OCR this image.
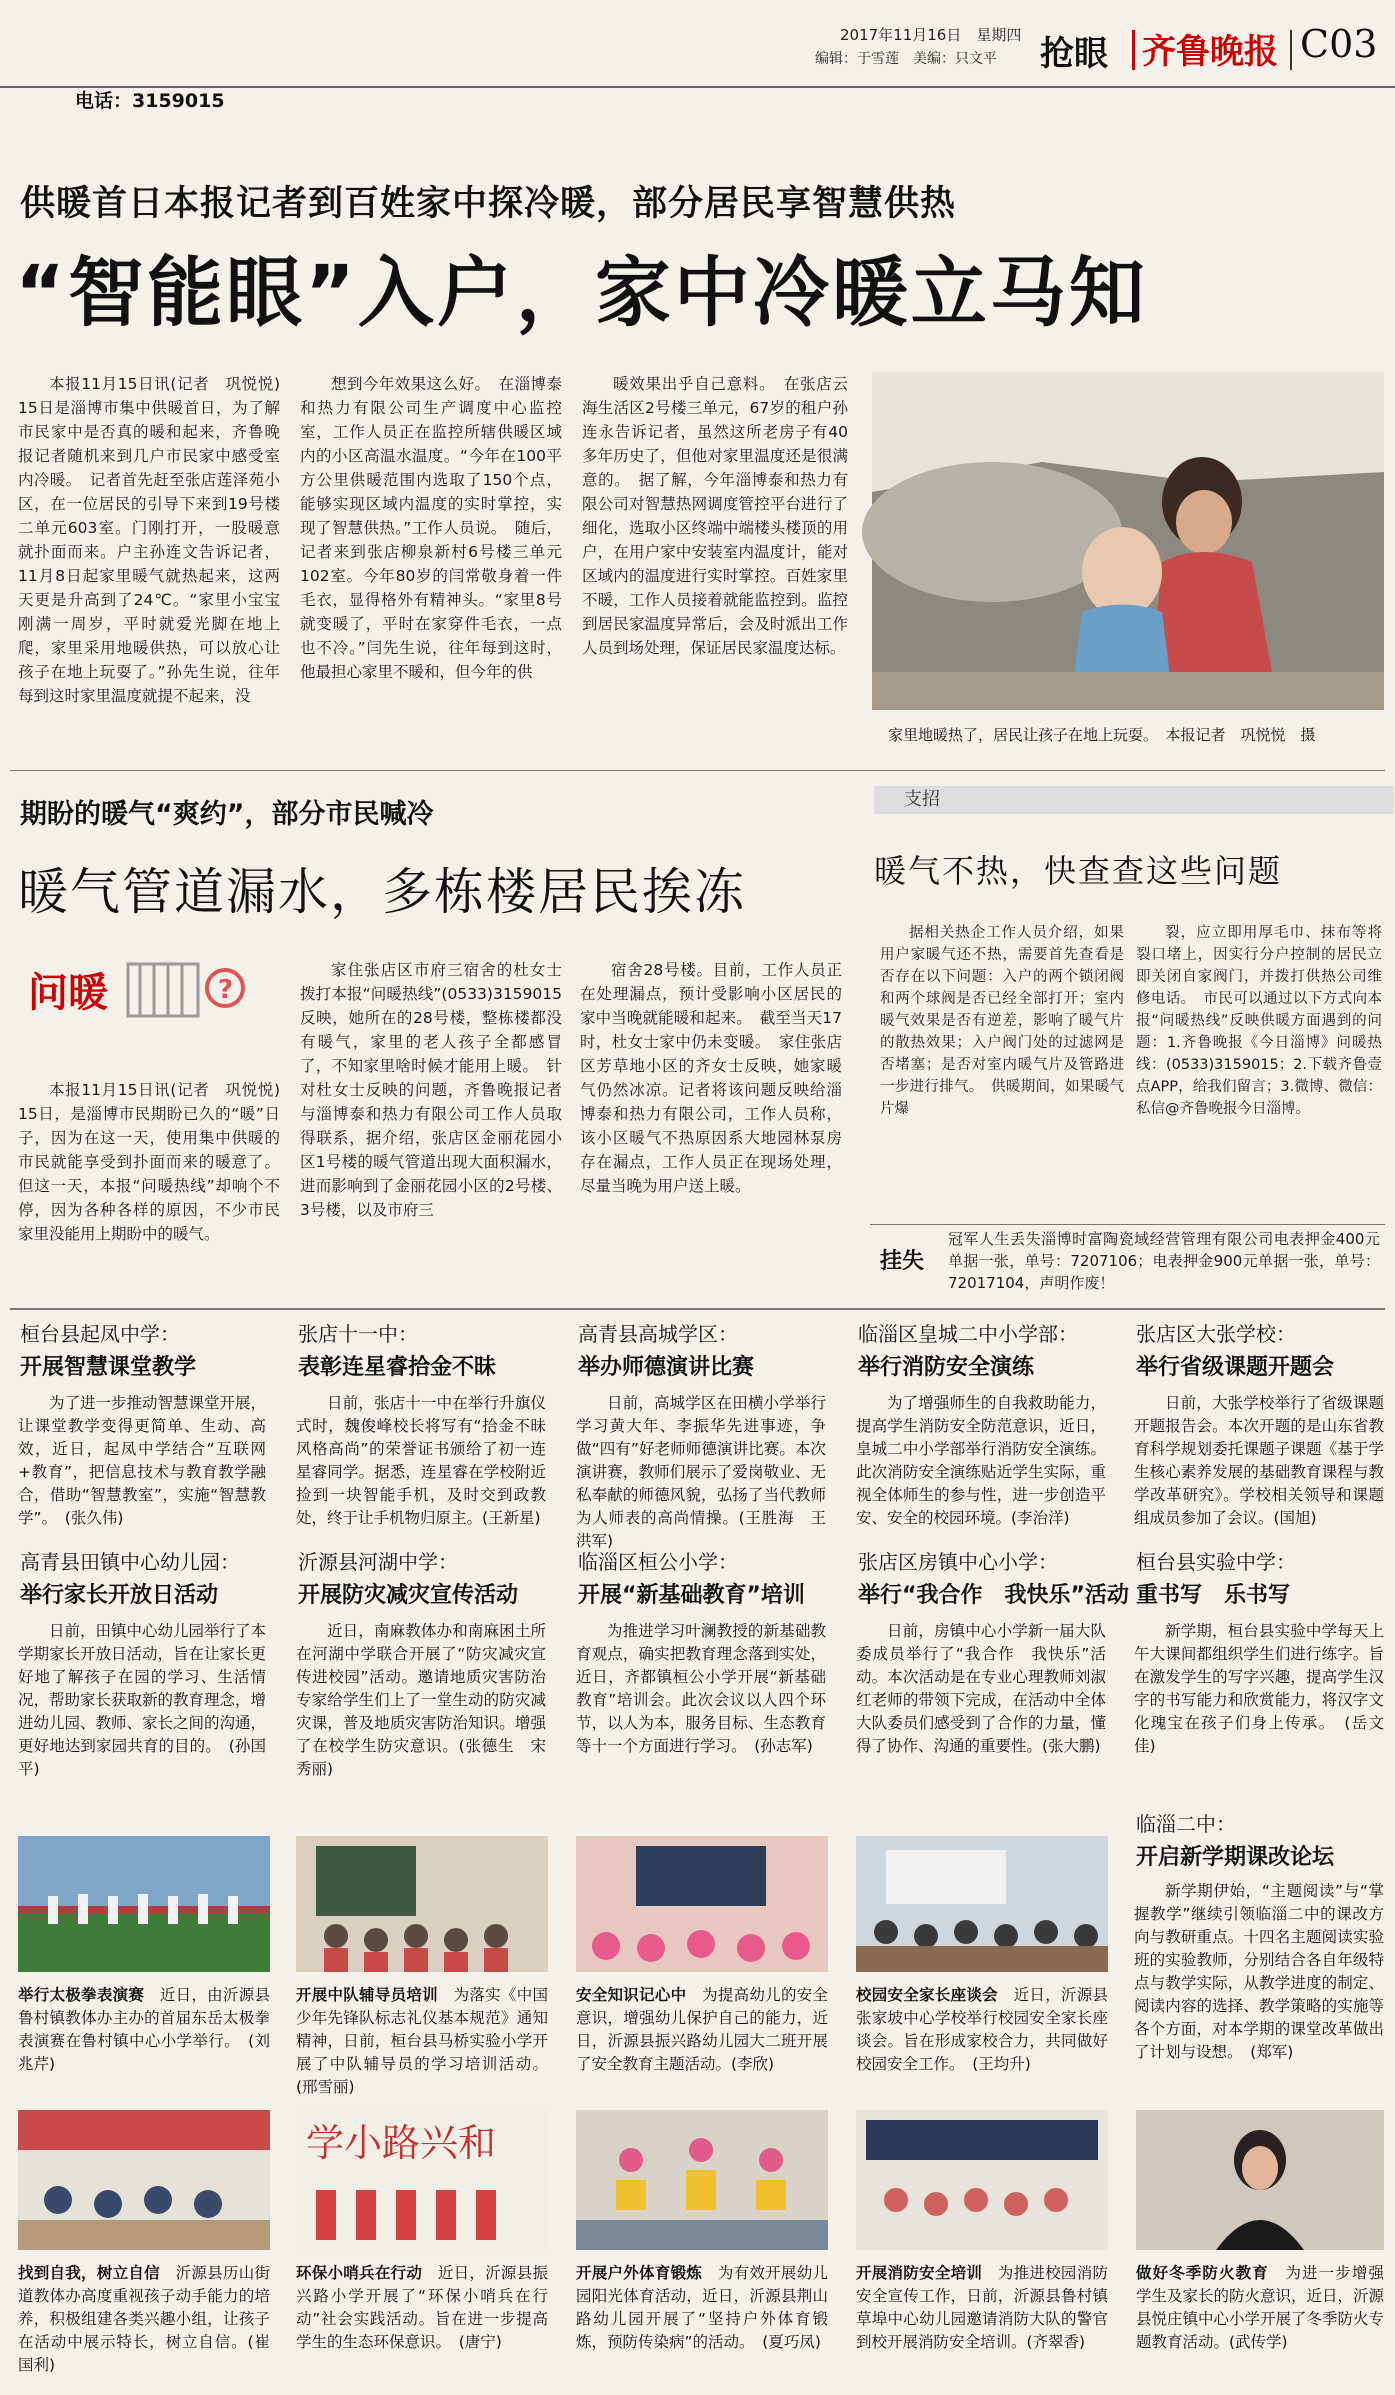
2017年11月16日　星期四
编辑：于雪莲　美编：只文平 抢眼 齐鲁晚报 C03
供暖首日本报记者到百姓家中探冷暖，部分居民享智慧供热
“智能眼”入户，家中冷暖立马知

本报11月15日讯(记者　巩悦悦)　15日是淄博市集中供暖首日，为了解市民家中是否真的暖和起来，齐鲁晚报记者随机来到几户市民家中感受室内冷暖。　记者首先赶至张店莲泽苑小区，在一位居民的引导下来到19号楼二单元603室。门刚打开，一股暖意就扑面而来。户主孙连文告诉记者，11月8日起家里暖气就热起来，这两天更是升高到了24℃。“家里小宝宝刚满一周岁，平时就爱光脚在地上爬，家里采用地暖供热，可以放心让孩子在地上玩耍了。”孙先生说，往年每到这时家里温度就提不起来，没

想到今年效果这么好。　在淄博泰和热力有限公司生产调度中心监控室，工作人员正在监控所辖供暖区域内的小区高温水温度。“今年在100平方公里供暖范围内选取了150个点，能够实现区域内温度的实时掌控，实现了智慧供热。”工作人员说。　随后，记者来到张店柳泉新村6号楼三单元102室。今年80岁的闫常敬身着一件毛衣，显得格外有精神头。“家里8号就变暖了，平时在家穿件毛衣，一点也不冷。”闫先生说，往年每到这时，他最担心家里不暖和，但今年的供

暖效果出乎自己意料。　在张店云海生活区2号楼三单元，67岁的租户孙连永告诉记者，虽然这所老房子有40多年历史了，但他对家里温度还是很满意的。　据了解，今年淄博泰和热力有限公司对智慧热网调度管控平台进行了细化，选取小区终端中端楼头楼顶的用户，在用户家中安装室内温度计，能对区域内的温度进行实时掌控。百姓家里不暖，工作人员接着就能监控到。监控到居民家温度异常后，会及时派出工作人员到场处理，保证居民家温度达标。

家里地暖热了，居民让孩子在地上玩耍。　本报记者　巩悦悦　摄
期盼的暖气“爽约”，部分市民喊冷
暖气管道漏水，多栋楼居民挨冻
问暖	?
电话：3159015

本报11月15日讯(记者　巩悦悦)　15日，是淄博市民期盼已久的“暖”日子，因为在这一天，使用集中供暖的市民就能享受到扑面而来的暖意了。但这一天，本报“问暖热线”却响个不停，因为各种各样的原因，不少市民家里没能用上期盼中的暖气。

家住张店区市府三宿舍的杜女士拨打本报“问暖热线”(0533)3159015反映，她所在的28号楼，整栋楼都没有暖气，家里的老人孩子全都感冒了，不知家里啥时候才能用上暖。　针对杜女士反映的问题，齐鲁晚报记者与淄博泰和热力有限公司工作人员取得联系，据介绍，张店区金丽花园小区1号楼的暖气管道出现大面积漏水，进而影响到了金丽花园小区的2号楼、3号楼，以及市府三

宿舍28号楼。目前，工作人员正在处理漏点，预计受影响小区居民的家中当晚就能暖和起来。　截至当天17时，杜女士家中仍未变暖。　家住张店区芳草地小区的齐女士反映，她家暖气仍然冰凉。记者将该问题反映给淄博泰和热力有限公司，工作人员称，该小区暖气不热原因系大地园林泵房存在漏点，工作人员正在现场处理，尽量当晚为用户送上暖。

支招
暖气不热，快查查这些问题

据相关热企工作人员介绍，如果用户家暖气还不热，需要首先查看是否存在以下问题：入户的两个锁闭阀和两个球阀是否已经全部打开；室内暖气效果是否有逆差，影响了暖气片的散热效果；入户阀门处的过滤网是否堵塞；是否对室内暖气片及管路进一步进行排气。　供暖期间，如果暖气片爆

裂，应立即用厚毛巾、抹布等将裂口堵上，因实行分户控制的居民立即关闭自家阀门，并拨打供热公司维修电话。　市民可以通过以下方式向本报“问暖热线”反映供暖方面遇到的问题：1.齐鲁晚报《今日淄博》问暖热线：(0533)3159015；2.下载齐鲁壹点APP，给我们留言；3.微博、微信：私信@齐鲁晚报今日淄博。

挂失
冠军人生丢失淄博时富陶瓷域经营管理有限公司电表押金400元单据一张，单号：7207106；电表押金900元单据一张，单号：72017104，声明作废！
桓台县起凤中学：
开展智慧课堂教学

为了进一步推动智慧课堂开展，让课堂教学变得更简单、生动、高效，近日，起凤中学结合“互联网+教育”，把信息技术与教育教学融合，借助“智慧教室”，实施“智慧教学”。　(张久伟)

张店十一中：
表彰连星睿拾金不昧

日前，张店十一中在举行升旗仪式时，魏俊峰校长将写有“拾金不昧风格高尚”的荣誉证书颁给了初一连星睿同学。据悉，连星睿在学校附近捡到一块智能手机，及时交到政教处，终于让手机物归原主。(王新星)

高青县高城学区：
举办师德演讲比赛

日前，高城学区在田横小学举行学习黄大年、李振华先进事迹，争做“四有”好老师师德演讲比赛。本次演讲赛，教师们展示了爱岗敬业、无私奉献的师德风貌，弘扬了当代教师为人师表的高尚情操。(王胜海　王洪军)

临淄区皇城二中小学部：
举行消防安全演练

为了增强师生的自我救助能力，提高学生消防安全防范意识，近日，皇城二中小学部举行消防安全演练。此次消防安全演练贴近学生实际，重视全体师生的参与性，进一步创造平安、安全的校园环境。(李治洋)

张店区大张学校：
举行省级课题开题会

日前，大张学校举行了省级课题开题报告会。本次开题的是山东省教育科学规划委托课题子课题《基于学生核心素养发展的基础教育课程与教学改革研究》。学校相关领导和课题组成员参加了会议。(国旭)

高青县田镇中心幼儿园：
举行家长开放日活动

日前，田镇中心幼儿园举行了本学期家长开放日活动，旨在让家长更好地了解孩子在园的学习、生活情况，帮助家长获取新的教育理念，增进幼儿园、教师、家长之间的沟通，更好地达到家园共育的目的。　(孙国平)

沂源县河湖中学：
开展防灾减灾宣传活动

近日，南麻教体办和南麻困土所在河湖中学联合开展了“防灾减灾宣传进校园”活动。邀请地质灾害防治专家给学生们上了一堂生动的防灾减灾课，普及地质灾害防治知识。增强了在校学生防灾意识。(张德生　宋秀丽)

临淄区桓公小学：
开展“新基础教育”培训

为推进学习叶澜教授的新基础教育观点，确实把教育理念落到实处，近日，齐都镇桓公小学开展“新基础教育”培训会。此次会议以人四个环节，以人为本，服务目标、生态教育等十一个方面进行学习。　(孙志军)

张店区房镇中心小学：
举行“我合作　我快乐”活动

日前，房镇中心小学新一届大队委成员举行了“我合作　我快乐”活动。本次活动是在专业心理教师刘淑红老师的带领下完成，在活动中全体大队委员们感受到了合作的力量，懂得了协作、沟通的重要性。(张大鹏)

桓台县实验中学：
重书写　乐书写

新学期，桓台县实验中学每天上午大课间都组织学生们进行练字。旨在激发学生的写字兴趣，提高学生汉字的书写能力和欣赏能力，将汉字文化瑰宝在孩子们身上传承。　(岳文佳)

临淄二中：
开启新学期课改论坛

新学期伊始，“主题阅读”与“掌握教学”继续引领临淄二中的课改方向与教研重点。十四名主题阅读实验班的实验教师，分别结合各自年级特点与教学实际，从教学进度的制定、阅读内容的选择、教学策略的实施等各个方面，对本学期的课堂改革做出了计划与设想。　(郑军)

举行太极拳表演赛　 近日，由沂源县鲁村镇教体办主办的首届东岳太极拳表演赛在鲁村镇中心小学举行。　(刘兆芹)
开展中队辅导员培训　 为落实《中国少年先锋队标志礼仪基本规范》通知精神，日前，桓台县马桥实验小学开展了中队辅导员的学习培训活动。(邢雪丽)
安全知识记心中　 为提高幼儿的安全意识，增强幼儿保护自己的能力，近日，沂源县振兴路幼儿园大二班开展了安全教育主题活动。(李欣)
校园安全家长座谈会　 近日，沂源县张家坡中心学校举行校园安全家长座谈会。旨在形成家校合力，共同做好校园安全工作。　(王均升)
学小路兴和
找到自我，树立自信　 沂源县历山街道教体办高度重视孩子动手能力的培养，积极组建各类兴趣小组，让孩子在活动中展示特长，树立自信。(崔国利)
环保小哨兵在行动　 近日，沂源县振兴路小学开展了“环保小哨兵在行动”社会实践活动。旨在进一步提高学生的生态环保意识。　(唐宁)
开展户外体育锻炼　 为有效开展幼儿园阳光体育活动，近日，沂源县荆山路幼儿园开展了“坚持户外体育锻炼，预防传染病”的活动。　(夏巧凤)
开展消防安全培训　 为推进校园消防安全宣传工作，日前，沂源县鲁村镇草埠中心幼儿园邀请消防大队的警官到校开展消防安全培训。(齐翠香)
做好冬季防火教育　 为进一步增强学生及家长的防火意识，近日，沂源县悦庄镇中心小学开展了冬季防火专题教育活动。(武传学)
